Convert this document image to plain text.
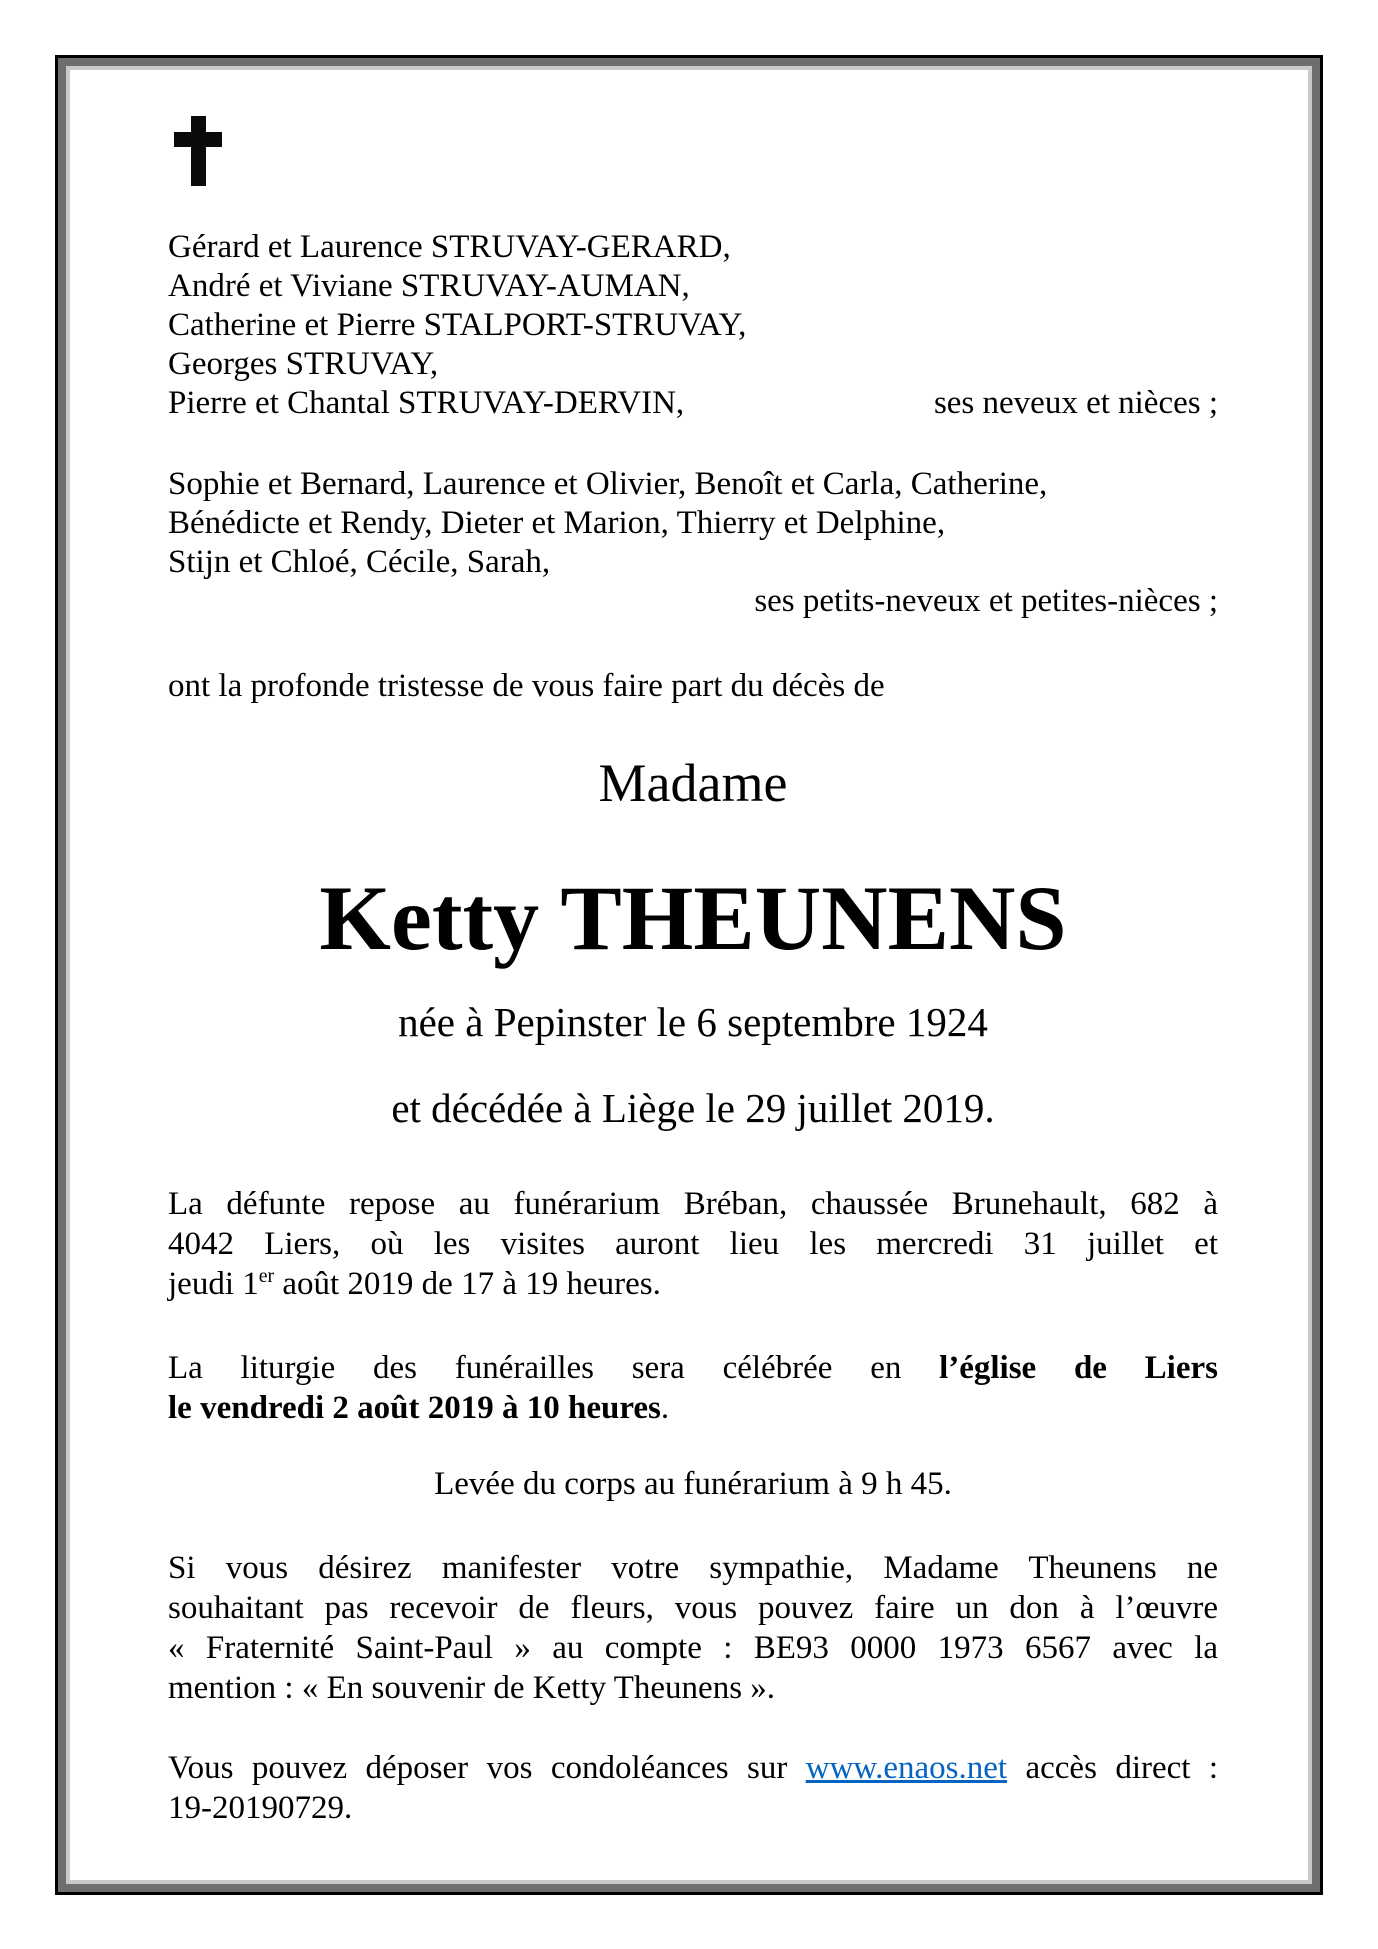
Gérard et Laurence STRUVAY-GERARD,
André et Viviane STRUVAY-AUMAN,
Catherine et Pierre STALPORT-STRUVAY,
Georges STRUVAY,
Pierre et Chantal STRUVAY-DERVIN,	ses neveux et nièces ;
Sophie et Bernard, Laurence et Olivier, Benoît et Carla, Catherine,
Bénédicte et Rendy, Dieter et Marion, Thierry et Delphine,
Stijn et Chloé, Cécile, Sarah,
ses petits-neveux et petites-nièces ;
ont la profonde tristesse de vous faire part du décès de
Madame
Ketty THEUNENS
née à Pepinster le 6 septembre 1924
et décédée à Liège le 29 juillet 2019.
La défunte repose au funérarium Bréban, chaussée Brunehault, 682 à
4042 Liers, où les visites auront lieu les mercredi 31 juillet et
jeudi 1er août 2019 de 17 à 19 heures.
La liturgie des funérailles sera célébrée en l’église de Liers
le vendredi 2 août 2019 à 10 heures.
Levée du corps au funérarium à 9 h 45.
Si vous désirez manifester votre sympathie, Madame Theunens ne
souhaitant pas recevoir de fleurs, vous pouvez faire un don à l’œuvre
« Fraternité Saint-Paul » au compte : BE93 0000 1973 6567 avec la
mention : « En souvenir de Ketty Theunens ».
Vous pouvez déposer vos condoléances sur www.enaos.net accès direct :
19-20190729.
